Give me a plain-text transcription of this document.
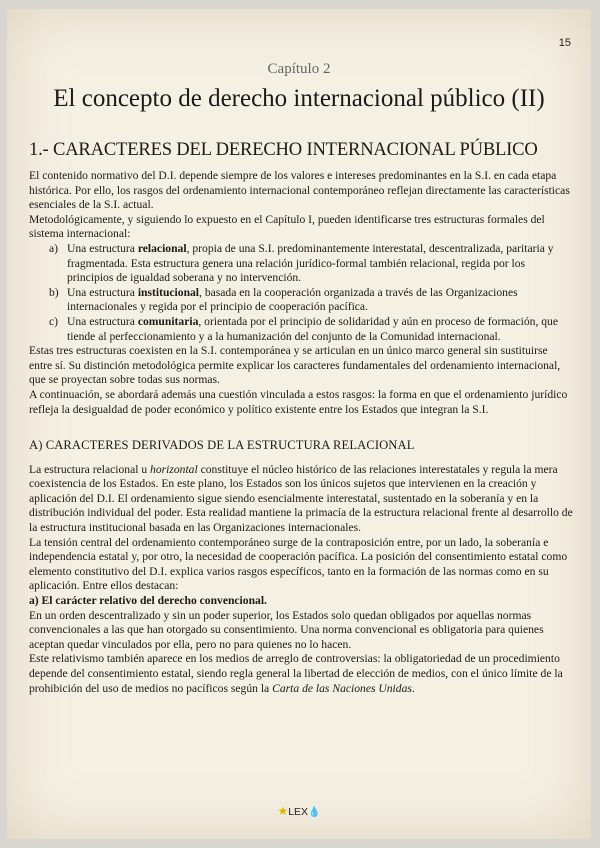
15
Capítulo 2
El concepto de derecho internacional público (II)
1.- CARACTERES DEL DERECHO INTERNACIONAL PÚBLICO

El contenido normativo del D.I. depende siempre de los valores e intereses predominantes en la S.I. en cada etapa histórica. Por ello, los rasgos del ordenamiento internacional contemporáneo reflejan directamente las características esenciales de la S.I. actual.

Metodológicamente, y siguiendo lo expuesto en el Capítulo I, pueden identificarse tres estructuras formales del sistema internacional:

a) Una estructura relacional, propia de una S.I. predominantemente interestatal, descentralizada, paritaria y fragmentada. Esta estructura genera una relación jurídico-formal también relacional, regida por los principios de igualdad soberana y no intervención.
b) Una estructura institucional, basada en la cooperación organizada a través de las Organizaciones internacionales y regida por el principio de cooperación pacífica.
c) Una estructura comunitaria, orientada por el principio de solidaridad y aún en proceso de formación, que tiende al perfeccionamiento y a la humanización del conjunto de la Comunidad internacional.

Estas tres estructuras coexisten en la S.I. contemporánea y se articulan en un único marco general sin sustituirse entre sí. Su distinción metodológica permite explicar los caracteres fundamentales del ordenamiento internacional, que se proyectan sobre todas sus normas.

A continuación, se abordará además una cuestión vinculada a estos rasgos: la forma en que el ordenamiento jurídico refleja la desigualdad de poder económico y político existente entre los Estados que integran la S.I.

A) CARACTERES DERIVADOS DE LA ESTRUCTURA RELACIONAL

La estructura relacional u horizontal constituye el núcleo histórico de las relaciones interestatales y regula la mera coexistencia de los Estados. En este plano, los Estados son los únicos sujetos que intervienen en la creación y aplicación del D.I. El ordenamiento sigue siendo esencialmente interestatal, sustentado en la soberanía y en la distribución individual del poder. Esta realidad mantiene la primacía de la estructura relacional frente al desarrollo de la estructura institucional basada en las Organizaciones internacionales.

La tensión central del ordenamiento contemporáneo surge de la contraposición entre, por un lado, la soberanía e independencia estatal y, por otro, la necesidad de cooperación pacífica. La posición del consentimiento estatal como elemento constitutivo del D.I. explica varios rasgos específicos, tanto en la formación de las normas como en su aplicación. Entre ellos destacan:

a) El carácter relativo del derecho convencional.

En un orden descentralizado y sin un poder superior, los Estados solo quedan obligados por aquellas normas convencionales a las que han otorgado su consentimiento. Una norma convencional es obligatoria para quienes aceptan quedar vinculados por ella, pero no para quienes no lo hacen.

Este relativismo también aparece en los medios de arreglo de controversias: la obligatoriedad de un procedimiento depende del consentimiento estatal, siendo regla general la libertad de elección de medios, con el único límite de la prohibición del uso de medios no pacíficos según la Carta de las Naciones Unidas.

★LEX💧
